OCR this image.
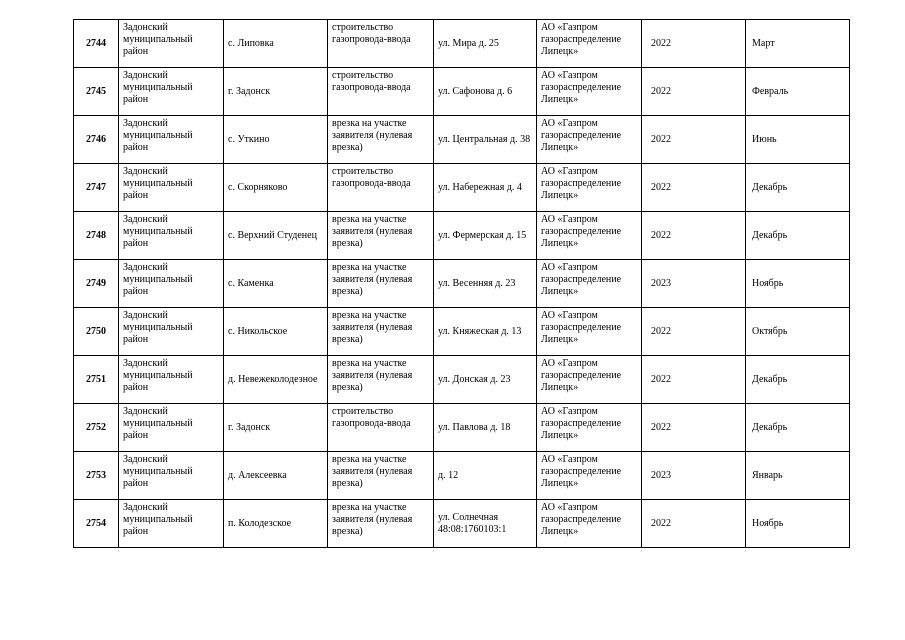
2744	Задонский муниципальный район	с. Липовка	строительство газопровода-ввода	ул. Мира д. 25	АО «Газпром газораспределение Липецк»	2022	Март
2745	Задонский муниципальный район	г. Задонск	строительство газопровода-ввода	ул. Сафонова д. 6	АО «Газпром газораспределение Липецк»	2022	Февраль
2746	Задонский муниципальный район	с. Уткино	врезка на участке заявителя (нулевая врезка)	ул. Центральная д. 38	АО «Газпром газораспределение Липецк»	2022	Июнь
2747	Задонский муниципальный район	с. Скорняково	строительство газопровода-ввода	ул. Набережная д. 4	АО «Газпром газораспределение Липецк»	2022	Декабрь
2748	Задонский муниципальный район	с. Верхний Студенец	врезка на участке заявителя (нулевая врезка)	ул. Фермерская д. 15	АО «Газпром газораспределение Липецк»	2022	Декабрь
2749	Задонский муниципальный район	с. Каменка	врезка на участке заявителя (нулевая врезка)	ул. Весенняя д. 23	АО «Газпром газораспределение Липецк»	2023	Ноябрь
2750	Задонский муниципальный район	с. Никольское	врезка на участке заявителя (нулевая врезка)	ул. Княжеская д. 13	АО «Газпром газораспределение Липецк»	2022	Октябрь
2751	Задонский муниципальный район	д. Невежеколодезное	врезка на участке заявителя (нулевая врезка)	ул. Донская д. 23	АО «Газпром газораспределение Липецк»	2022	Декабрь
2752	Задонский муниципальный район	г. Задонск	строительство газопровода-ввода	ул. Павлова д. 18	АО «Газпром газораспределение Липецк»	2022	Декабрь
2753	Задонский муниципальный район	д. Алексеевка	врезка на участке заявителя (нулевая врезка)	д. 12	АО «Газпром газораспределение Липецк»	2023	Январь
2754	Задонский муниципальный район	п. Колодезское	врезка на участке заявителя (нулевая врезка)	ул. Солнечная 48:08:1760103:1	АО «Газпром газораспределение Липецк»	2022	Ноябрь
